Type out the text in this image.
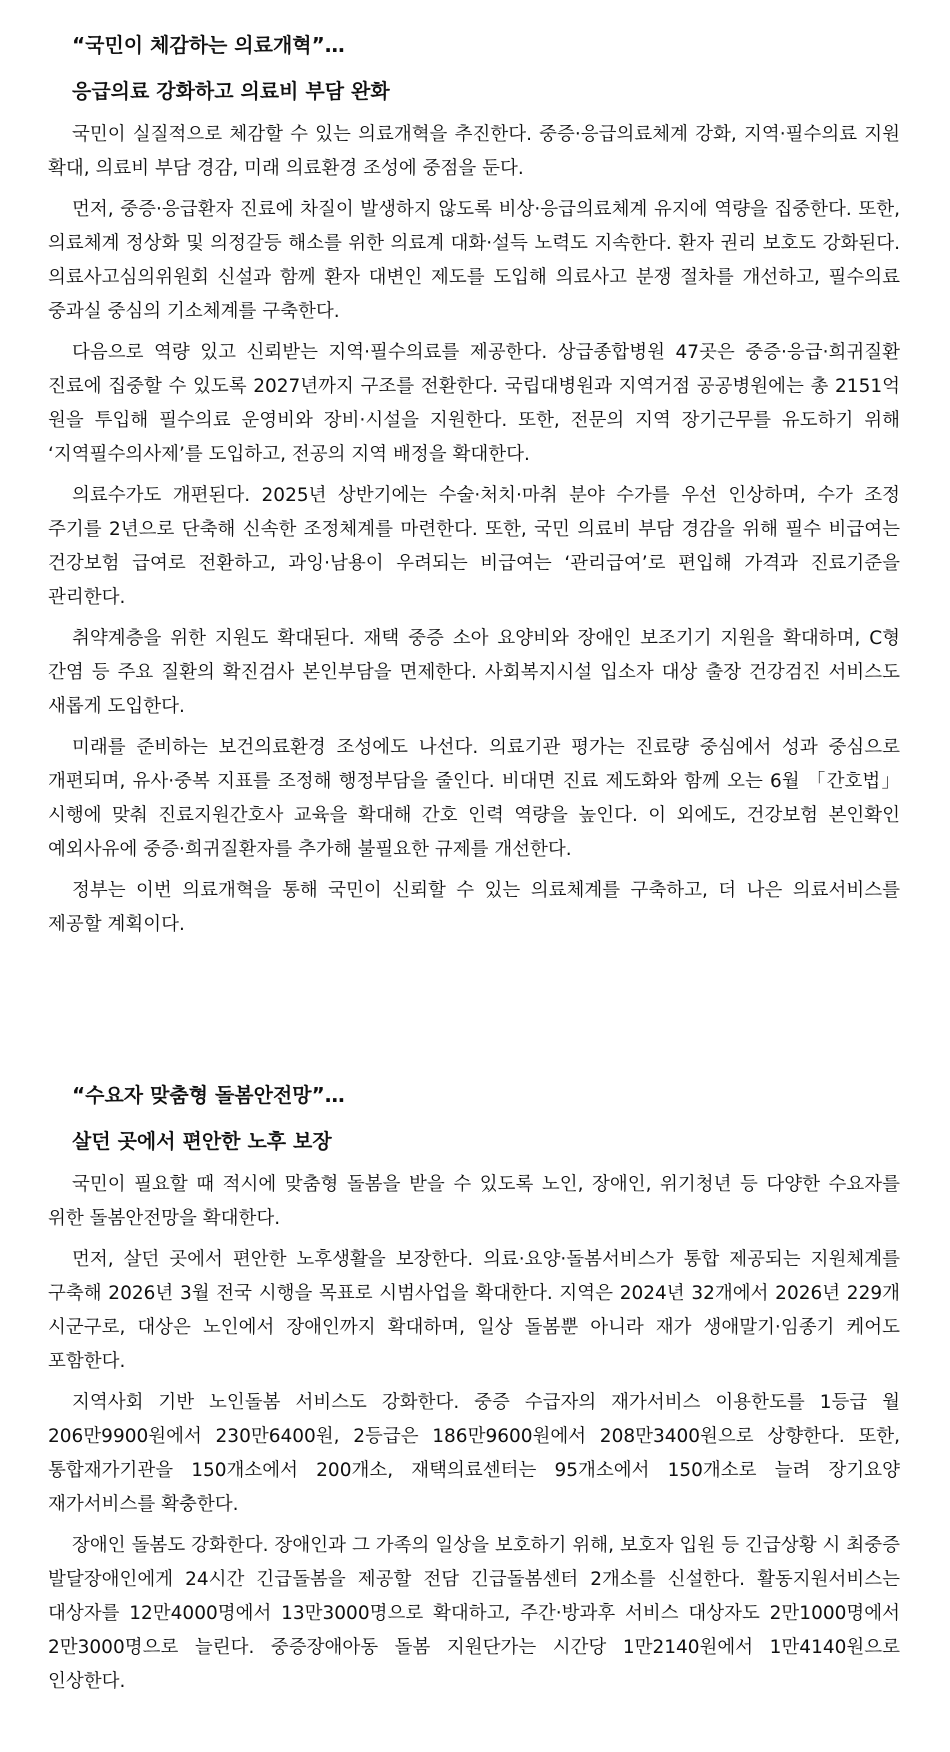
“국민이 체감하는 의료개혁”…
응급의료 강화하고 의료비 부담 완화

국민이 실질적으로 체감할 수 있는 의료개혁을 추진한다. 중증·응급의료체계 강화, 지역·필수의료 지원 확대, 의료비 부담 경감, 미래 의료환경 조성에 중점을 둔다.

먼저, 중증·응급환자 진료에 차질이 발생하지 않도록 비상·응급의료체계 유지에 역량을 집중한다. 또한, 의료체계 정상화 및 의정갈등 해소를 위한 의료계 대화·설득 노력도 지속한다. 환자 권리 보호도 강화된다. 의료사고심의위원회 신설과 함께 환자 대변인 제도를 도입해 의료사고 분쟁 절차를 개선하고, 필수의료 중과실 중심의 기소체계를 구축한다.

다음으로 역량 있고 신뢰받는 지역·필수의료를 제공한다. 상급종합병원 47곳은 중증·응급·희귀질환 진료에 집중할 수 있도록 2027년까지 구조를 전환한다. 국립대병원과 지역거점 공공병원에는 총 2151억 원을 투입해 필수의료 운영비와 장비·시설을 지원한다. 또한, 전문의 지역 장기근무를 유도하기 위해 ‘지역필수의사제’를 도입하고, 전공의 지역 배정을 확대한다.

의료수가도 개편된다. 2025년 상반기에는 수술·처치·마취 분야 수가를 우선 인상하며, 수가 조정 주기를 2년으로 단축해 신속한 조정체계를 마련한다. 또한, 국민 의료비 부담 경감을 위해 필수 비급여는 건강보험 급여로 전환하고, 과잉·남용이 우려되는 비급여는 ‘관리급여’로 편입해 가격과 진료기준을 관리한다.

취약계층을 위한 지원도 확대된다. 재택 중증 소아 요양비와 장애인 보조기기 지원을 확대하며, C형 간염 등 주요 질환의 확진검사 본인부담을 면제한다. 사회복지시설 입소자 대상 출장 건강검진 서비스도 새롭게 도입한다.

미래를 준비하는 보건의료환경 조성에도 나선다. 의료기관 평가는 진료량 중심에서 성과 중심으로 개편되며, 유사·중복 지표를 조정해 행정부담을 줄인다. 비대면 진료 제도화와 함께 오는 6월 「간호법」 시행에 맞춰 진료지원간호사 교육을 확대해 간호 인력 역량을 높인다. 이 외에도, 건강보험 본인확인 예외사유에 중증·희귀질환자를 추가해 불필요한 규제를 개선한다.

정부는 이번 의료개혁을 통해 국민이 신뢰할 수 있는 의료체계를 구축하고, 더 나은 의료서비스를 제공할 계획이다.

“수요자 맞춤형 돌봄안전망”…
살던 곳에서 편안한 노후 보장

국민이 필요할 때 적시에 맞춤형 돌봄을 받을 수 있도록 노인, 장애인, 위기청년 등 다양한 수요자를 위한 돌봄안전망을 확대한다.

먼저, 살던 곳에서 편안한 노후생활을 보장한다. 의료·요양·돌봄서비스가 통합 제공되는 지원체계를 구축해 2026년 3월 전국 시행을 목표로 시범사업을 확대한다. 지역은 2024년 32개에서 2026년 229개 시군구로, 대상은 노인에서 장애인까지 확대하며, 일상 돌봄뿐 아니라 재가 생애말기·임종기 케어도 포함한다.

지역사회 기반 노인돌봄 서비스도 강화한다. 중증 수급자의 재가서비스 이용한도를 1등급 월 206만9900원에서 230만6400원, 2등급은 186만9600원에서 208만3400원으로 상향한다. 또한, 통합재가기관을 150개소에서 200개소, 재택의료센터는 95개소에서 150개소로 늘려 장기요양 재가서비스를 확충한다.

장애인 돌봄도 강화한다. 장애인과 그 가족의 일상을 보호하기 위해, 보호자 입원 등 긴급상황 시 최중증 발달장애인에게 24시간 긴급돌봄을 제공할 전담 긴급돌봄센터 2개소를 신설한다. 활동지원서비스는 대상자를 12만4000명에서 13만3000명으로 확대하고, 주간·방과후 서비스 대상자도 2만1000명에서 2만3000명으로 늘린다. 중증장애아동 돌봄 지원단가는 시간당 1만2140원에서 1만4140원으로 인상한다.
